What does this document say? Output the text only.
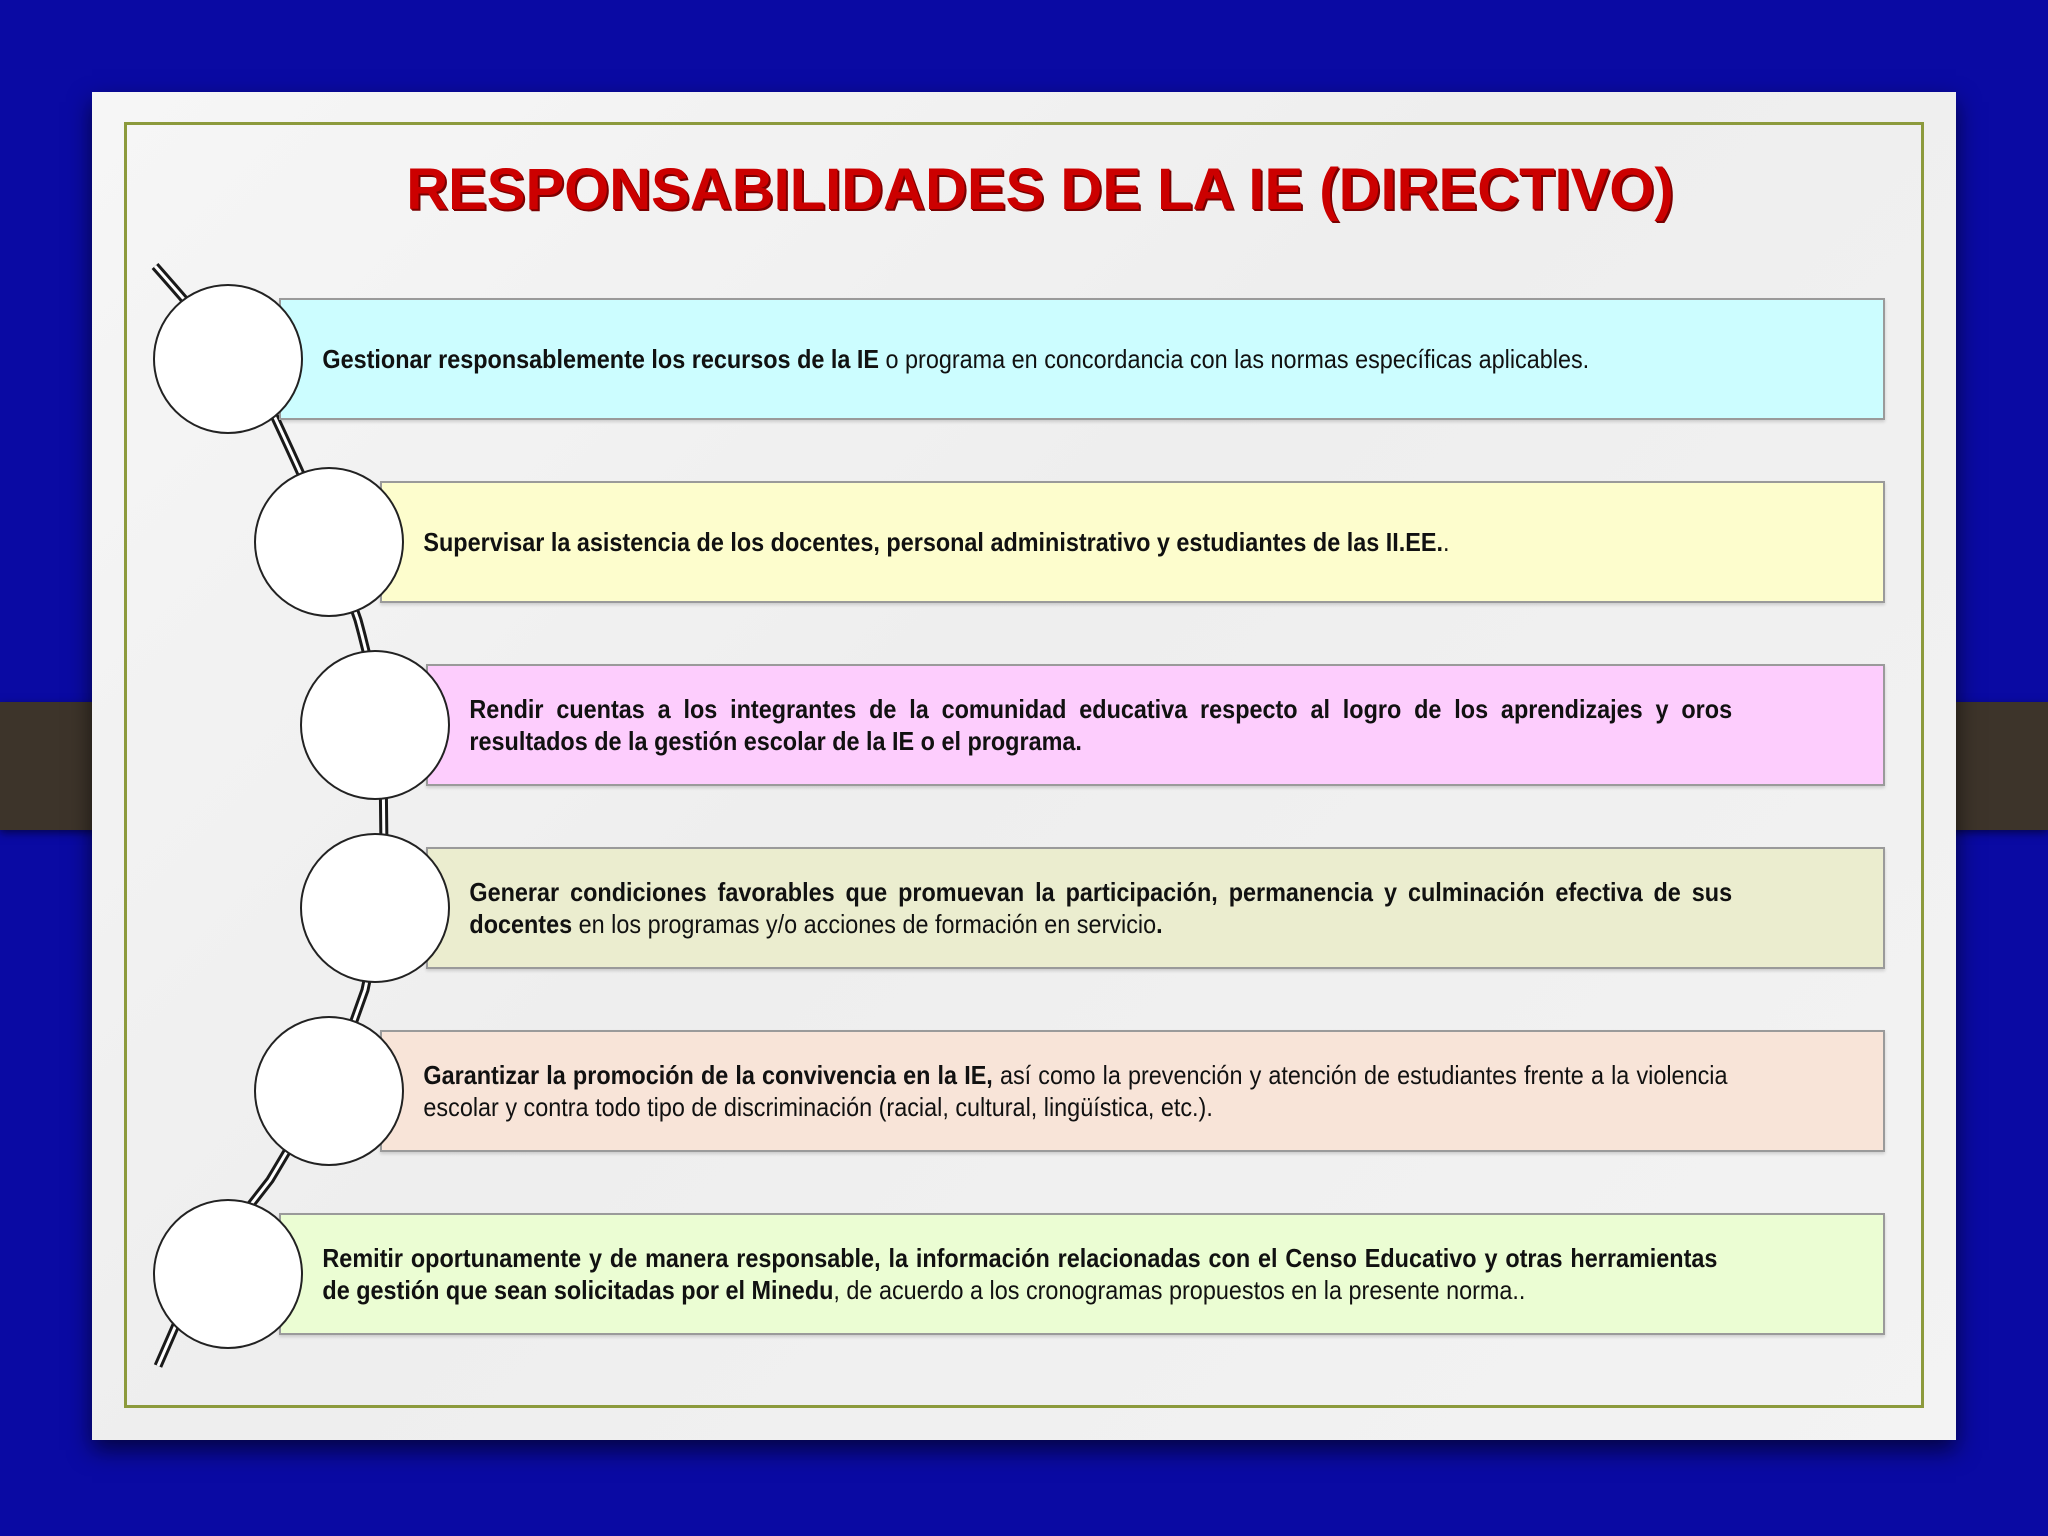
RESPONSABILIDADES DE LA IE (DIRECTIVO)
Gestionar responsablemente los recursos de la IE o programa en concordancia con las normas específicas aplicables.
Supervisar la asistencia de los docentes, personal administrativo y estudiantes de las II.EE..
Rendir cuentas a los integrantes de la comunidad educativa respecto al logro de los aprendizajes y oros resultados de la gestión escolar de la IE o el programa.
Generar condiciones favorables que promuevan la participación, permanencia y culminación efectiva de sus docentes en los programas y/o acciones de formación en servicio.
Garantizar la promoción de la convivencia en la IE, así como la prevención y atención de estudiantes frente a la violencia escolar y contra todo tipo de discriminación (racial, cultural, lingüística, etc.).
Remitir oportunamente y de manera responsable, la información relacionadas con el Censo Educativo y otras herramientas de gestión que sean solicitadas por el Minedu, de acuerdo a los cronogramas propuestos en la presente norma..
